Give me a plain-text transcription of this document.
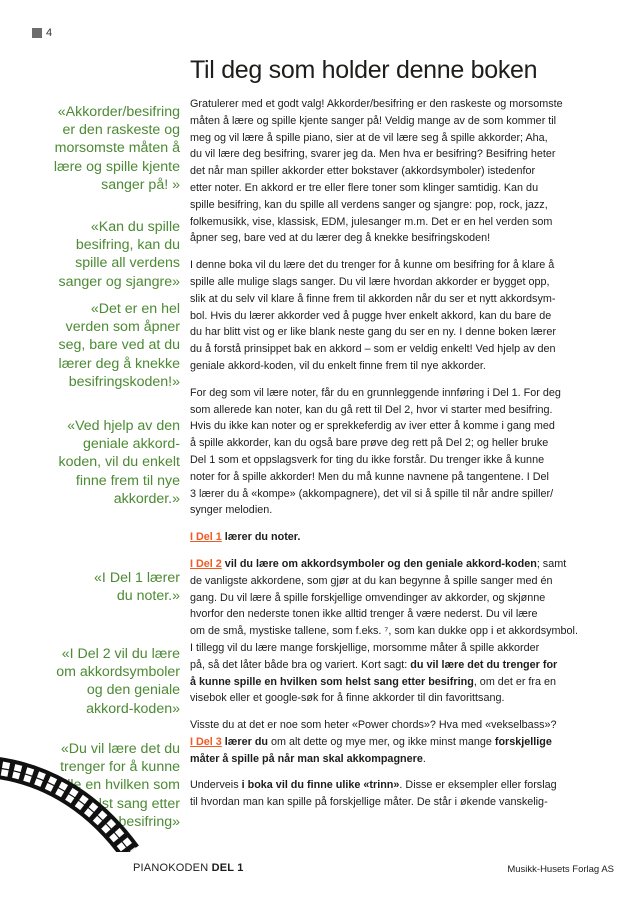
4
Til deg som holder denne boken
«Akkorder/besifring
er den raskeste og
morsomste måten å
lære og spille kjente
sanger på! »
«Kan du spille
besifring, kan du
spille all verdens
sanger og sjangre»
«Det er en hel
verden som åpner
seg, bare ved at du
lærer deg å knekke
besifringskoden!»
«Ved hjelp av den
geniale akkord-
koden, vil du enkelt
finne frem til nye
akkorder.»
«I Del 1 lærer
du noter.»
«I Del 2 vil du lære
om akkordsymboler
og den geniale
akkord-koden»
«Du vil lære det du
trenger for å kunne
spille en hvilken som
helst sang etter
besifring»

Gratulerer med et godt valg! Akkorder/besifring er den raskeste og morsomste
måten å lære og spille kjente sanger på! Veldig mange av de som kommer til
meg og vil lære å spille piano, sier at de vil lære seg å spille akkorder; Aha,
du vil lære deg besifring, svarer jeg da. Men hva er besifring? Besifring heter
det når man spiller akkorder etter bokstaver (akkordsymboler) istedenfor
etter noter. En akkord er tre eller flere toner som klinger samtidig. Kan du
spille besifring, kan du spille all verdens sanger og sjangre: pop, rock, jazz,
folkemusikk, vise, klassisk, EDM, julesanger m.m. Det er en hel verden som
åpner seg, bare ved at du lærer deg å knekke besifringskoden!

I denne boka vil du lære det du trenger for å kunne om besifring for å klare å
spille alle mulige slags sanger. Du vil lære hvordan akkorder er bygget opp,
slik at du selv vil klare å finne frem til akkorden når du ser et nytt akkordsym-
bol. Hvis du lærer akkorder ved å pugge hver enkelt akkord, kan du bare de
du har blitt vist og er like blank neste gang du ser en ny. I denne boken lærer
du å forstå prinsippet bak en akkord – som er veldig enkelt! Ved hjelp av den
geniale akkord-koden, vil du enkelt finne frem til nye akkorder.

For deg som vil lære noter, får du en grunnleggende innføring i Del 1. For deg
som allerede kan noter, kan du gå rett til Del 2, hvor vi starter med besifring.
Hvis du ikke kan noter og er sprekkeferdig av iver etter å komme i gang med
å spille akkorder, kan du også bare prøve deg rett på Del 2; og heller bruke
Del 1 som et oppslagsverk for ting du ikke forstår. Du trenger ikke å kunne
noter for å spille akkorder! Men du må kunne navnene på tangentene. I Del
3 lærer du å «kompe» (akkompagnere), det vil si å spille til når andre spiller/
synger melodien.

I Del 1 lærer du noter.

I Del 2 vil du lære om akkordsymboler og den geniale akkord-koden; samt
de vanligste akkordene, som gjør at du kan begynne å spille sanger med én
gang. Du vil lære å spille forskjellige omvendinger av akkorder, og skjønne
hvorfor den nederste tonen ikke alltid trenger å være nederst. Du vil lære
om de små, mystiske tallene, som f.eks. ⁷, som kan dukke opp i et akkordsymbol.
I tillegg vil du lære mange forskjellige, morsomme måter å spille akkorder
på, så det låter både bra og variert. Kort sagt: du vil lære det du trenger for
å kunne spille en hvilken som helst sang etter besifring, om det er fra en
visebok eller et google-søk for å finne akkorder til din favorittsang.

Visste du at det er noe som heter «Power chords»? Hva med «vekselbass»?
I Del 3 lærer du om alt dette og mye mer, og ikke minst mange forskjellige
måter å spille på når man skal akkompagnere.

Underveis i boka vil du finne ulike «trinn». Disse er eksempler eller forslag
til hvordan man kan spille på forskjellige måter. De står i økende vanskelig-

PIANOKODEN DEL 1	Musikk-Husets Forlag AS
